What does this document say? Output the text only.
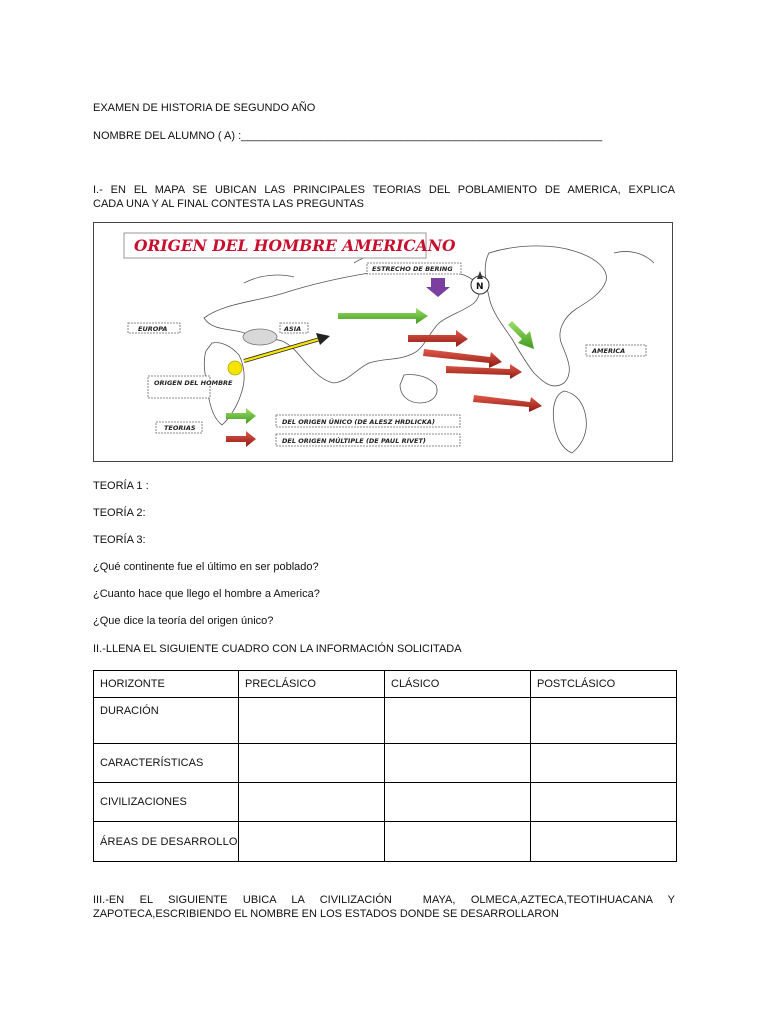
EXAMEN DE HISTORIA DE SEGUNDO AÑO
NOMBRE DEL ALUMNO ( A) :___________________________________________________________
I.- EN EL MAPA SE UBICAN LAS PRINCIPALES TEORIAS DEL POBLAMIENTO DE AMERICA, EXPLICA
CADA UNA Y AL FINAL CONTESTA LAS PREGUNTAS
ORIGEN DEL HOMBRE AMERICANO
ESTRECHO DE BERING
N
EUROPA	ASIA
AMERICA
ORIGEN DEL HOMBRE
TEORIAS
DEL ORIGEN ÚNICO (DE ALESZ HRDLICKA)
DEL ORIGEN MÚLTIPLE (DE PAUL RIVET)
TEORÍA 1 :
TEORÍA 2:
TEORÍA 3:
¿Qué continente fue el último en ser poblado?
¿Cuanto hace que llego el hombre a America?
¿Que dice la teoría del origen único?
II.-LLENA EL SIGUIENTE CUADRO CON LA INFORMACIÓN SOLICITADA
HORIZONTE	PRECLÁSICO	CLÁSICO	POSTCLÁSICO
DURACIÓN			
CARACTERÍSTICAS			
CIVILIZACIONES			
ÁREAS DE DESARROLLO			
III.-EN  EL  SIGUIENTE  UBICA  LA  CIVILIZACIÓN    MAYA,  OLMECA,AZTECA,TEOTIHUACANA  Y
ZAPOTECA,ESCRIBIENDO EL NOMBRE EN LOS ESTADOS DONDE SE DESARROLLARON
